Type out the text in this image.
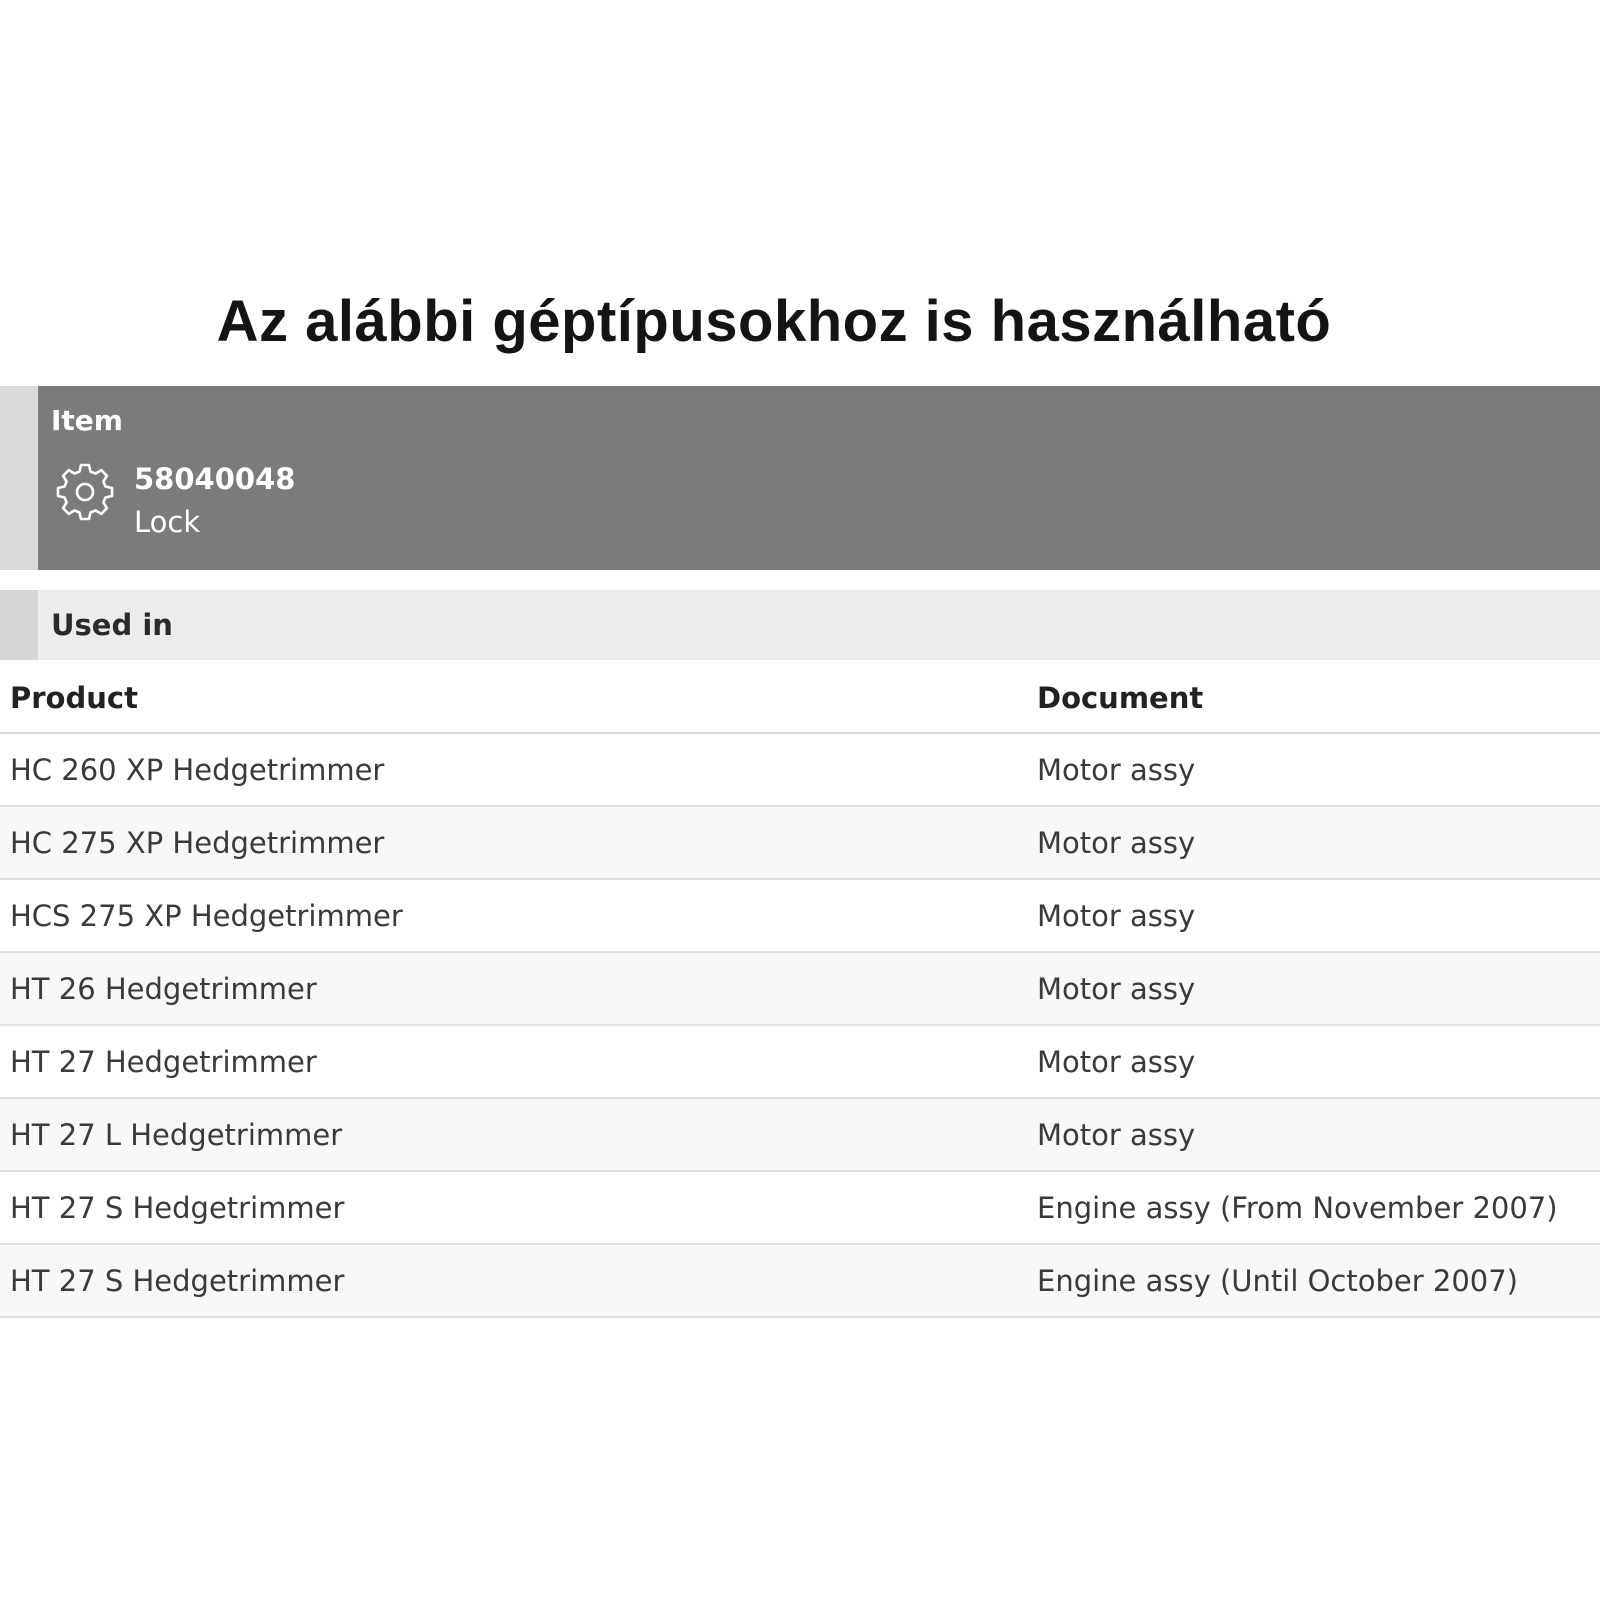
Az alábbi géptípusokhoz is használható
Item
58040048
Lock
Used in
Product	Document
HC 260 XP Hedgetrimmer	Motor assy
HC 275 XP Hedgetrimmer	Motor assy
HCS 275 XP Hedgetrimmer	Motor assy
HT 26 Hedgetrimmer	Motor assy
HT 27 Hedgetrimmer	Motor assy
HT 27 L Hedgetrimmer	Motor assy
HT 27 S Hedgetrimmer	Engine assy (From November 2007)
HT 27 S Hedgetrimmer	Engine assy (Until October 2007)
